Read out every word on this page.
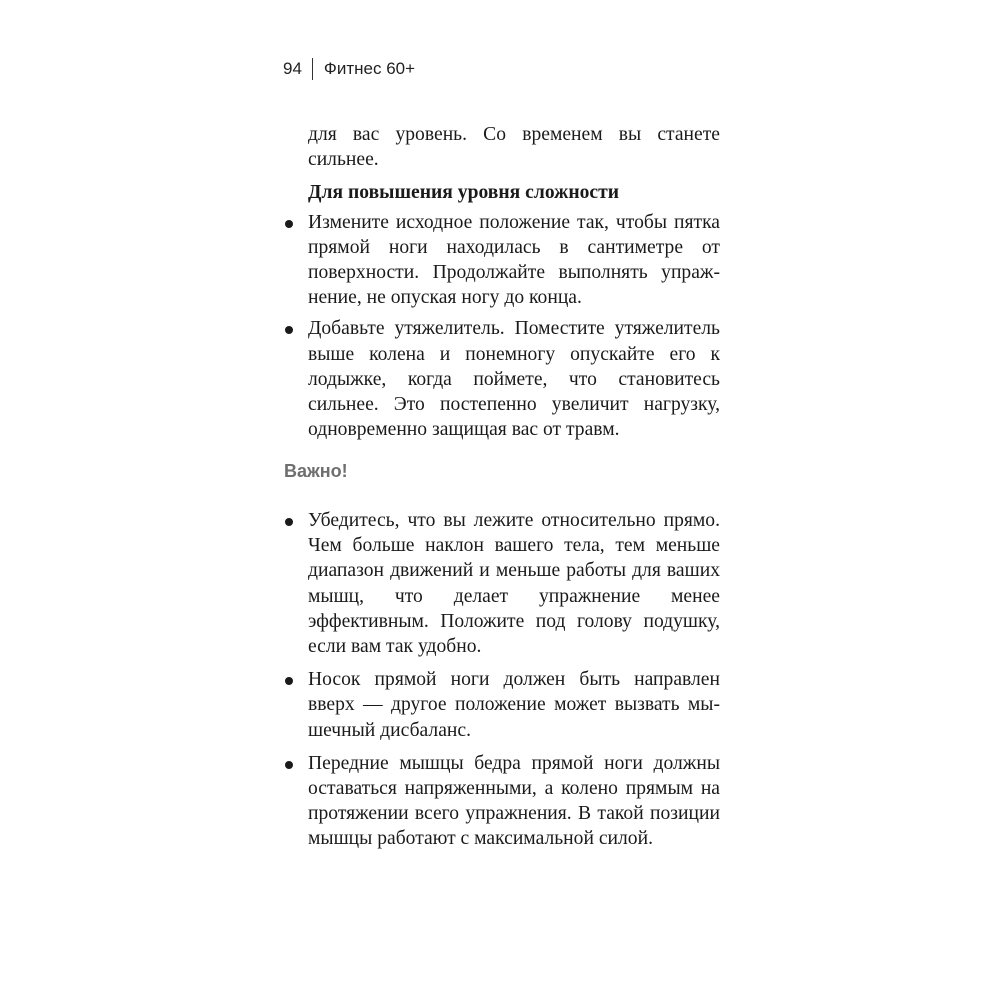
94 Фитнес 60+

для вас уровень. Со временем вы станете сильнее.

Для повышения уровня сложности

Измените исходное положение так, чтобы пятка прямой ноги находилась в сантиметре от поверхности. Продолжайте выполнять упражнение, не опуская ногу до конца.
Добавьте утяжелитель. Поместите утяжелитель выше колена и понемногу опускайте его к лодыжке, когда поймете, что становитесь сильнее. Это постепенно увеличит нагрузку, одновременно защищая вас от травм.
Важно!
Убедитесь, что вы лежите относительно прямо. Чем больше наклон вашего тела, тем меньше диапазон движений и меньше работы для ваших мышц, что делает упражнение менее эффективным. Положите под голову подушку, если вам так удобно.
Носок прямой ноги должен быть направлен вверх — другое положение может вызвать мышечный дисбаланс.
Передние мышцы бедра прямой ноги должны оставаться напряженными, а колено прямым на протяжении всего упражнения. В такой позиции мышцы работают с максимальной силой.
